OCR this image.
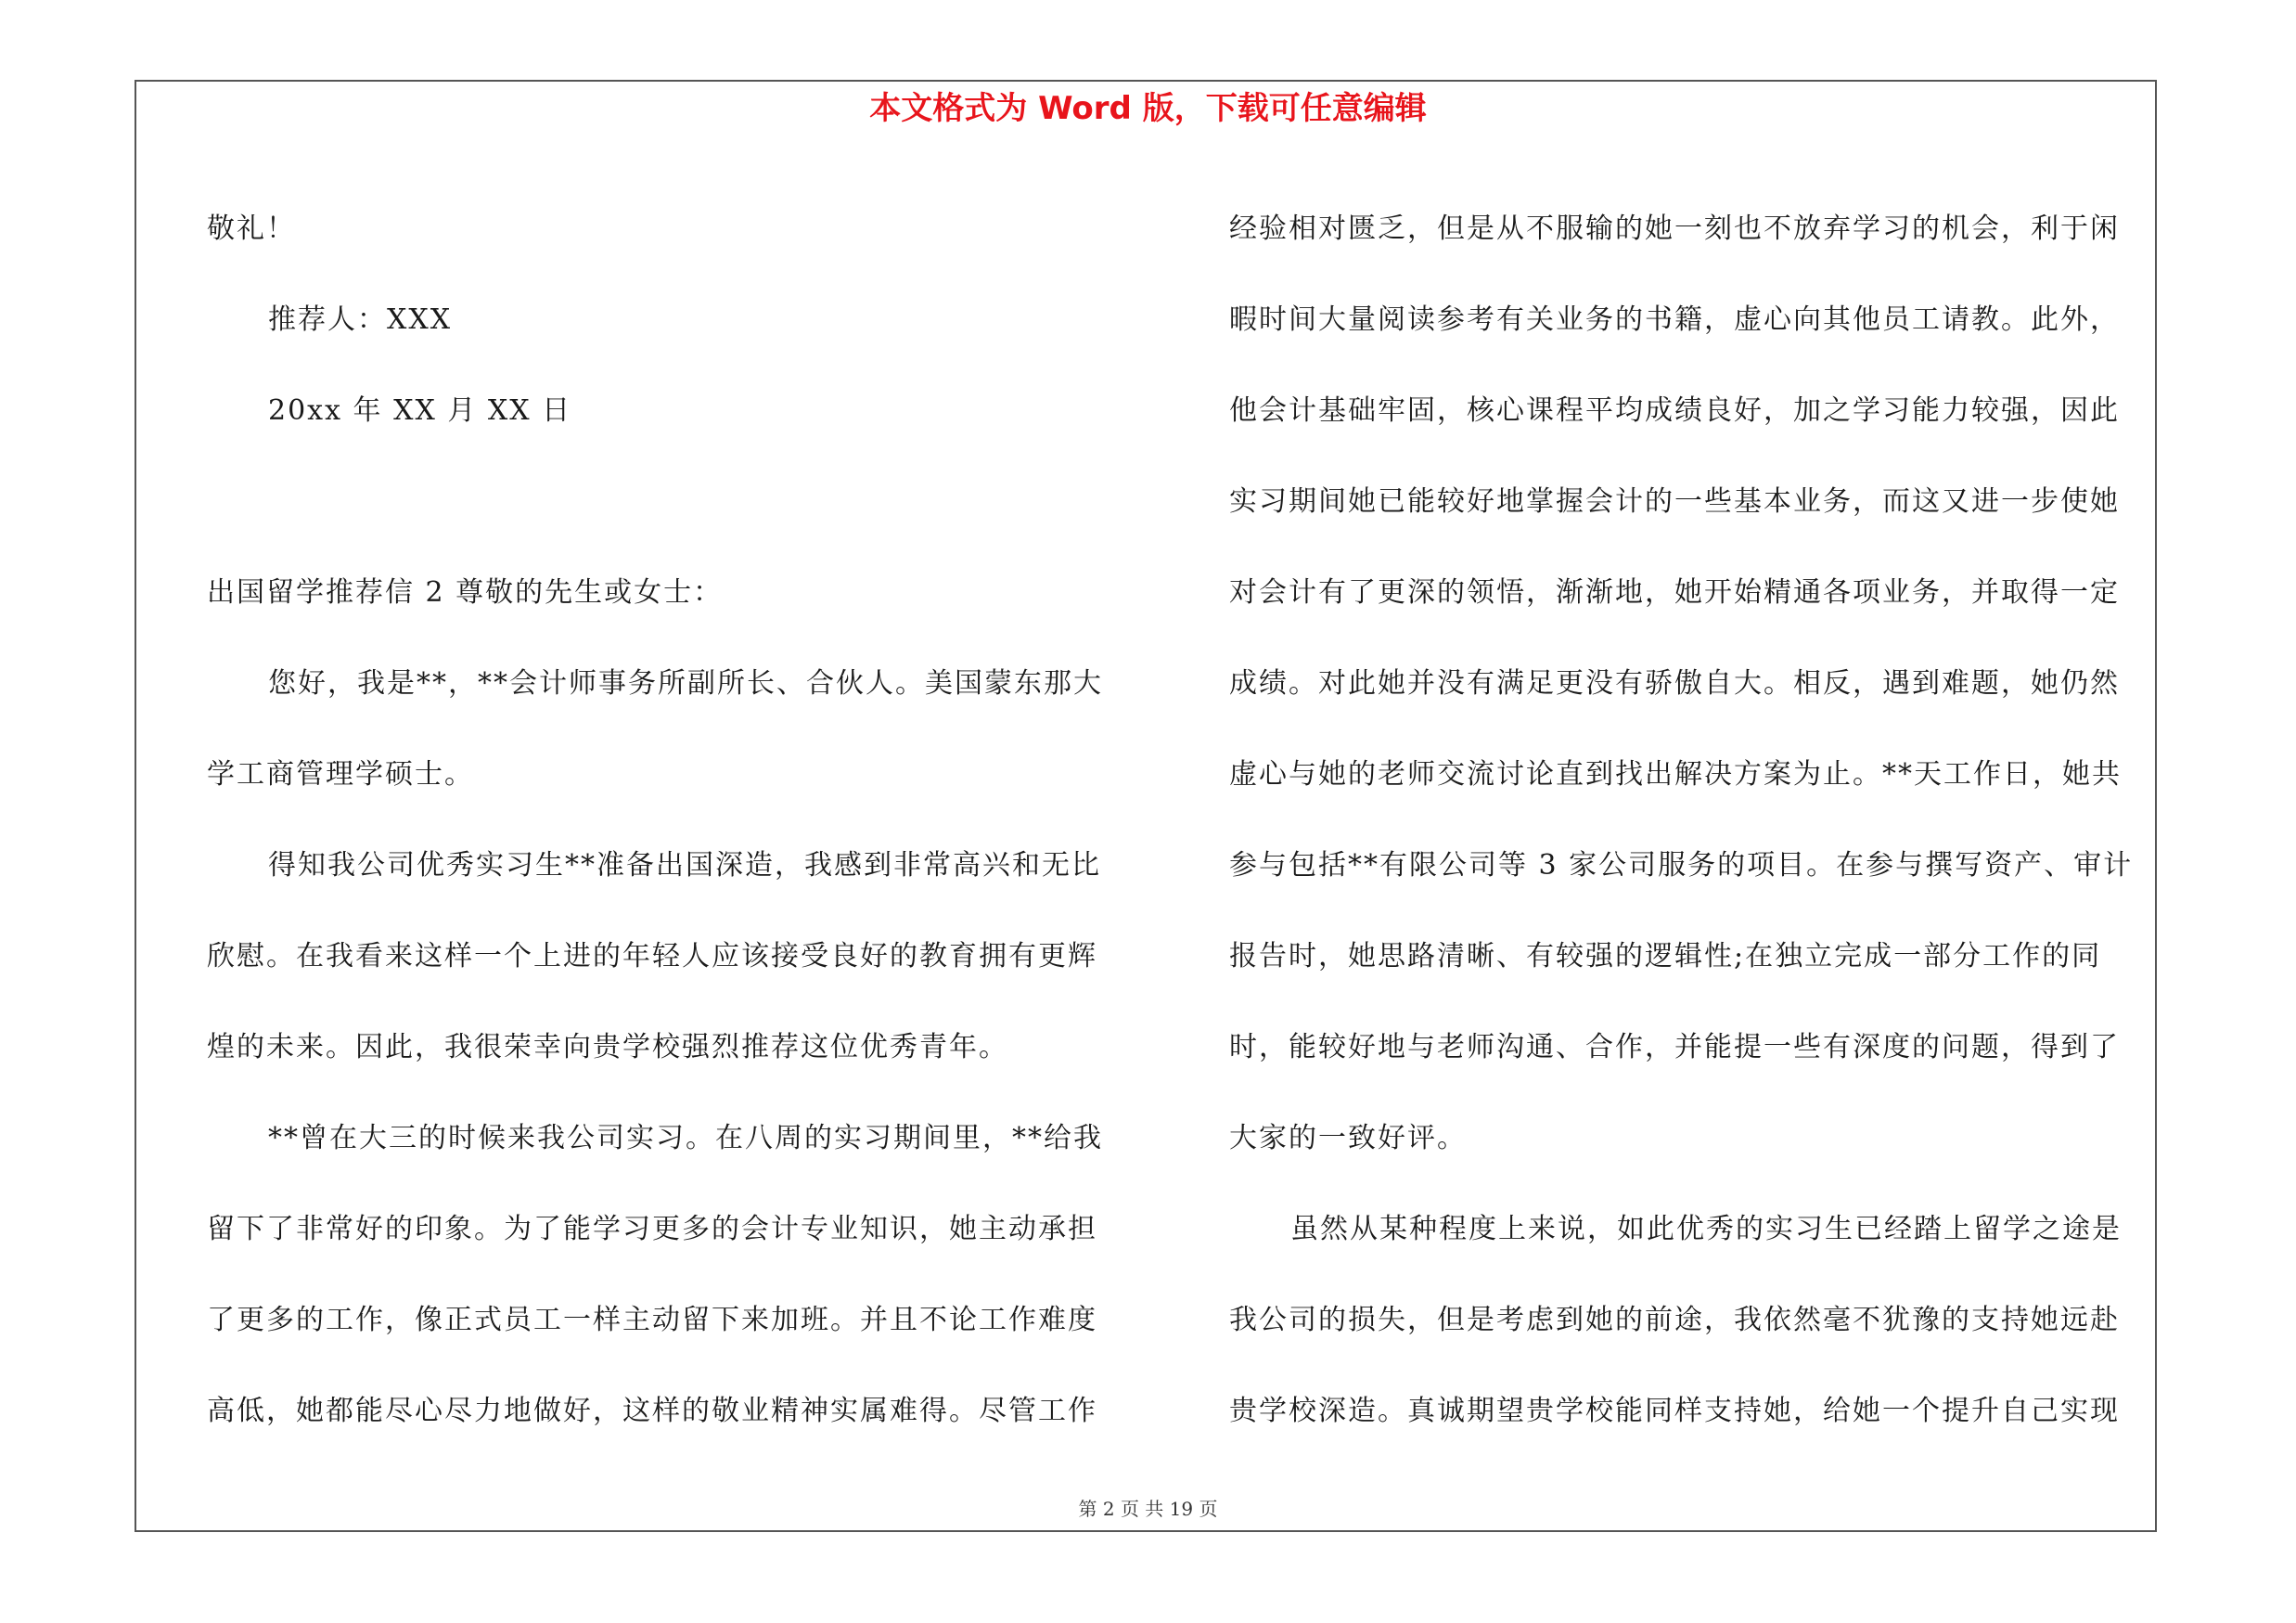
本文格式为 Word 版，下载可任意编辑

敬礼！

推荐人：XXX

20xx 年 XX 月 XX 日

出国留学推荐信 2 尊敬的先生或女士：

您好，我是**，**会计师事务所副所长、合伙人。美国蒙东那大

学工商管理学硕士。

得知我公司优秀实习生**准备出国深造，我感到非常高兴和无比

欣慰。在我看来这样一个上进的年轻人应该接受良好的教育拥有更辉

煌的未来。因此，我很荣幸向贵学校强烈推荐这位优秀青年。

**曾在大三的时候来我公司实习。在八周的实习期间里，**给我

留下了非常好的印象。为了能学习更多的会计专业知识，她主动承担

了更多的工作，像正式员工一样主动留下来加班。并且不论工作难度

高低，她都能尽心尽力地做好，这样的敬业精神实属难得。尽管工作

经验相对匮乏，但是从不服输的她一刻也不放弃学习的机会，利于闲

暇时间大量阅读参考有关业务的书籍，虚心向其他员工请教。此外，

他会计基础牢固，核心课程平均成绩良好，加之学习能力较强，因此

实习期间她已能较好地掌握会计的一些基本业务，而这又进一步使她

对会计有了更深的领悟，渐渐地，她开始精通各项业务，并取得一定

成绩。对此她并没有满足更没有骄傲自大。相反，遇到难题，她仍然

虚心与她的老师交流讨论直到找出解决方案为止。**天工作日，她共

参与包括**有限公司等 3 家公司服务的项目。在参与撰写资产、审计

报告时，她思路清晰、有较强的逻辑性;在独立完成一部分工作的同

时，能较好地与老师沟通、合作，并能提一些有深度的问题，得到了

大家的一致好评。

虽然从某种程度上来说，如此优秀的实习生已经踏上留学之途是

我公司的损失，但是考虑到她的前途，我依然毫不犹豫的支持她远赴

贵学校深造。真诚期望贵学校能同样支持她，给她一个提升自己实现

第 2 页 共 19 页
